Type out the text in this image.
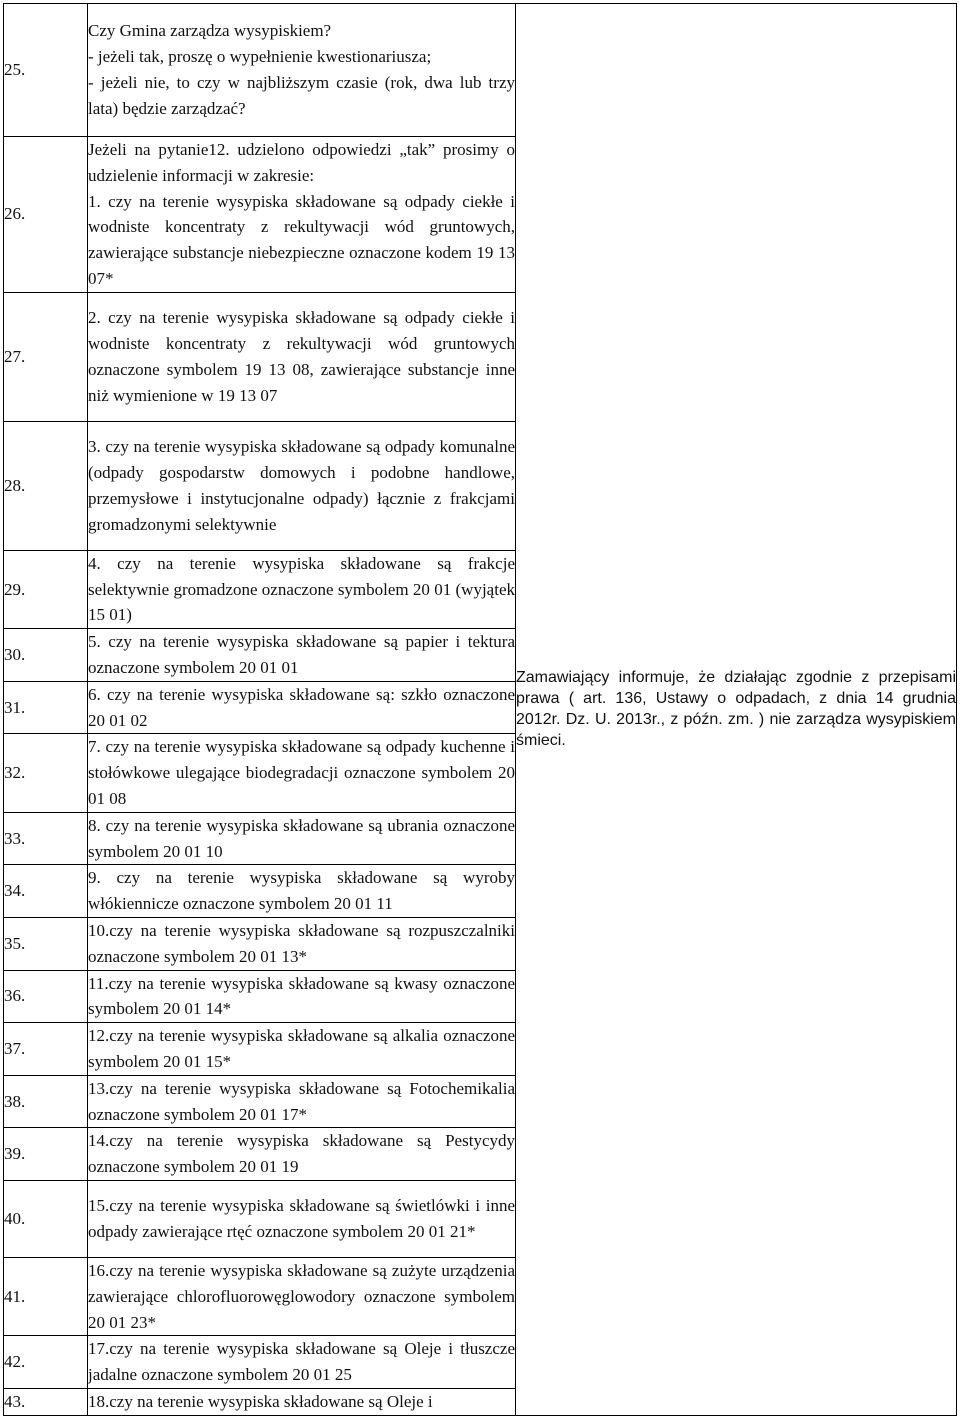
25.	Czy Gmina zarządza wysypiskiem?
- jeżeli tak, proszę o wypełnienie kwestionariusza;
- jeżeli nie, to czy w najbliższym czasie (rok, dwa lub trzy lata) będzie zarządzać?	Zamawiający informuje, że działając zgodnie z przepisami prawa ( art. 136, Ustawy o odpadach, z dnia 14 grudnia 2012r. Dz. U. 2013r., z późn. zm. ) nie zarządza wysypiskiem śmieci.

26.	Jeżeli na pytanie12. udzielono odpowiedzi „tak” prosimy o udzielenie informacji w zakresie:
1. czy na terenie wysypiska składowane są odpady ciekłe i wodniste koncentraty z rekultywacji wód gruntowych, zawierające substancje niebezpieczne oznaczone kodem 19 13 07*	

27.	2. czy na terenie wysypiska składowane są odpady ciekłe i wodniste koncentraty z rekultywacji wód gruntowych oznaczone symbolem 19 13 08, zawierające substancje inne niż wymienione w 19 13 07	

28.	3. czy na terenie wysypiska składowane są odpady komunalne (odpady gospodarstw domowych i podobne handlowe, przemysłowe i instytucjonalne odpady) łącznie z frakcjami gromadzonymi selektywnie	

29.	4. czy na terenie wysypiska składowane są frakcje selektywnie gromadzone oznaczone symbolem 20 01 (wyjątek 15 01)	

30.	5. czy na terenie wysypiska składowane są papier i tektura oznaczone symbolem 20 01 01	

31.	6. czy na terenie wysypiska składowane są: szkło oznaczone 20 01 02	

32.	7. czy na terenie wysypiska składowane są odpady kuchenne i stołówkowe ulegające biodegradacji oznaczone symbolem 20 01 08	

33.	8. czy na terenie wysypiska składowane są ubrania oznaczone symbolem 20 01 10	

34.	9. czy na terenie wysypiska składowane są wyroby włókiennicze oznaczone symbolem 20 01 11	

35.	10.czy na terenie wysypiska składowane są rozpuszczalniki oznaczone symbolem 20 01 13*	

36.	11.czy na terenie wysypiska składowane są kwasy oznaczone symbolem 20 01 14*	

37.	12.czy na terenie wysypiska składowane są alkalia oznaczone symbolem 20 01 15*	

38.	13.czy na terenie wysypiska składowane są Fotochemikalia oznaczone symbolem 20 01 17*	

39.	14.czy na terenie wysypiska składowane są Pestycydy oznaczone symbolem 20 01 19	

40.	15.czy na terenie wysypiska składowane są świetlówki i inne odpady zawierające rtęć oznaczone symbolem 20 01 21*	

41.	16.czy na terenie wysypiska składowane są zużyte urządzenia zawierające chlorofluorowęglowodory oznaczone symbolem 20 01 23*	

42.	17.czy na terenie wysypiska składowane są Oleje i tłuszcze jadalne oznaczone symbolem 20 01 25	

43.	18.czy na terenie wysypiska składowane są Oleje i	
